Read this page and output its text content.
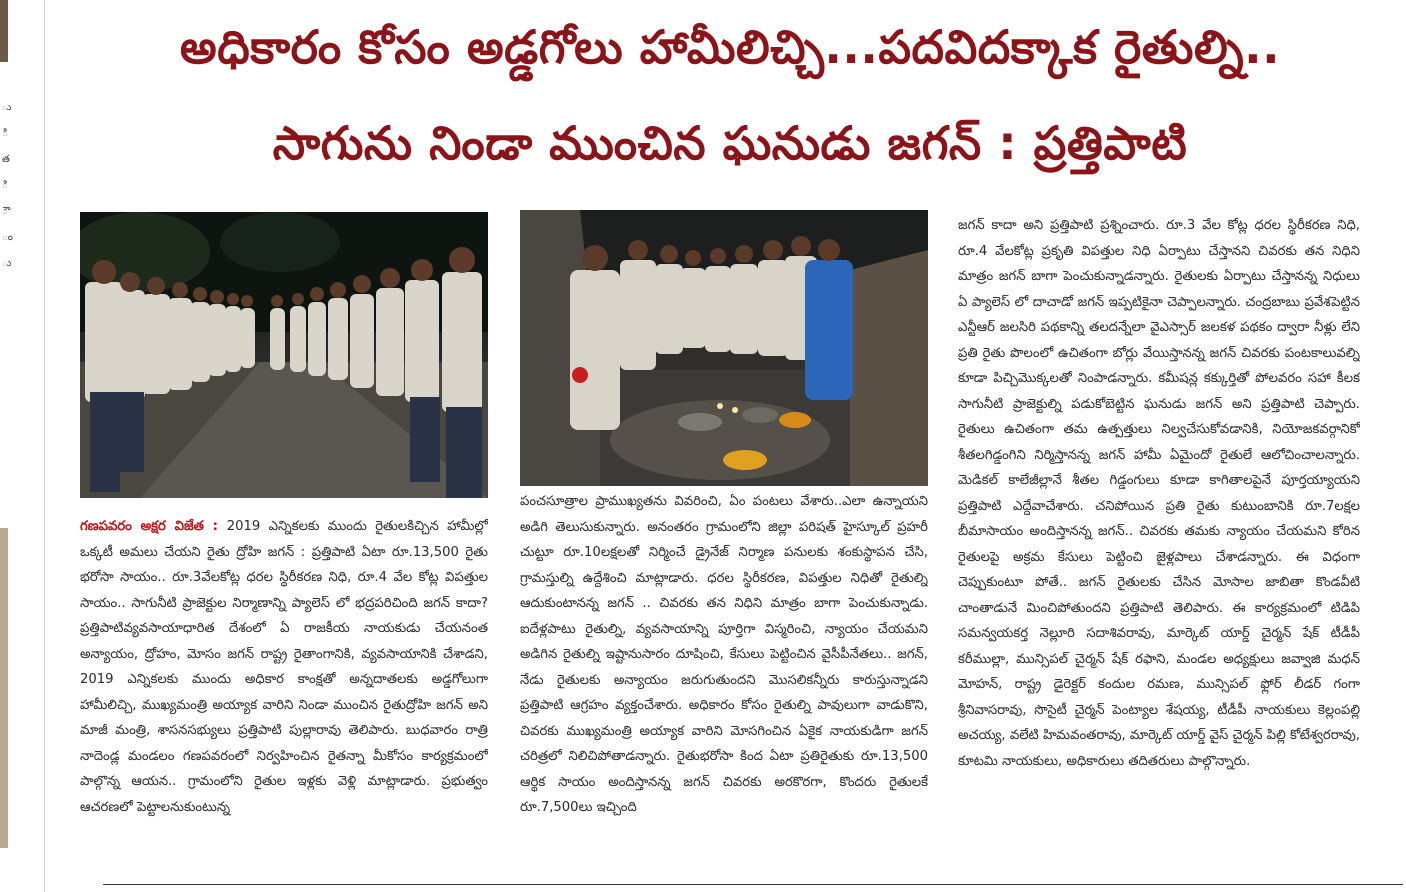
ు
ి
త
ి
ౌ
ం
ు
అధికారం కోసం అడ్డగోలు హామీలిచ్చి...పదవిదక్కాక రైతుల్ని..
సాగును నిండా ముంచిన ఘనుడు జగన్ : ప్రత్తిపాటి
గణపవరం అక్షర విజేత : 2019 ఎన్నికలకు ముందు రైతులకిచ్చిన హామీల్లో ఒక్కటీ అమలు చేయని రైతు ద్రోహి జగన్ : ప్రత్తిపాటి ఏటా రూ.13,500 రైతు భరోసా సాయం.. రూ.3వేలకోట్ల ధరల స్థిరీకరణ నిధి, రూ.4 వేల కోట్ల విపత్తుల సాయం.. సాగునీటి ప్రాజెక్టుల నిర్మాణాన్ని ప్యాలెస్ లో భద్రపరిచింది జగన్ కాదా? ప్రత్తిపాటివ్యవసాయాధారిత దేశంలో ఏ రాజకీయ నాయకుడు చేయనంత అన్యాయం, ద్రోహం, మోసం జగన్ రాష్ట్ర రైతాంగానికి, వ్యవసాయానికి చేశాడని, 2019 ఎన్నికలకు ముందు అధికార కాంక్షతో అన్నదాతలకు అడ్డగోలుగా హామీలిచ్చి, ముఖ్యమంత్రి అయ్యాక వారిని నిండా ముంచిన రైతుద్రోహి జగన్ అని మాజీ మంత్రి, శాసనసభ్యులు ప్రత్తిపాటి పుల్లారావు తెలిపారు. బుధవారం రాత్రి నాదెండ్ల మండలం గణపవరంలో నిర్వహించిన రైతన్నా మీకోసం కార్యక్రమంలో పాల్గొన్న ఆయన.. గ్రామంలోని రైతుల ఇళ్లకు వెళ్లి మాట్లాడారు. ప్రభుత్వం ఆచరణలో పెట్టాలనుకుంటున్న
పంచసూత్రాల ప్రాముఖ్యతను వివరించి, ఏం పంటలు వేశారు..ఎలా ఉన్నాయని అడిగి తెలుసుకున్నారు. అనంతరం గ్రామంలోని జిల్లా పరిషత్ హైస్కూల్ ప్రహరీ చుట్టూ రూ.10లక్షలతో నిర్మించే డ్రైనేజ్ నిర్మాణ పనులకు శంకుస్థాపన చేసి, గ్రామస్తుల్ని ఉద్దేశించి మాట్లాడారు. ధరల స్థిరీకరణ, విపత్తుల నిధితో రైతుల్ని ఆదుకుంటానన్న జగన్ .. చివరకు తన నిధిని మాత్రం బాగా పెంచుకున్నాడు. ఐదేళ్లపాటు రైతుల్ని, వ్యవసాయాన్ని పూర్తిగా విస్మరించి, న్యాయం చేయమని అడిగిన రైతుల్ని ఇష్టానుసారం దూషించి, కేసులు పెట్టించిన వైసీపీనేతలు.. జగన్, నేడు రైతులకు అన్యాయం జరుగుతుందని మొసలికన్నీరు కారుస్తున్నాడని ప్రత్తిపాటి ఆగ్రహం వ్యక్తంచేశారు. అధికారం కోసం రైతుల్ని పావులుగా వాడుకొని, చివరకు ముఖ్యమంత్రి అయ్యాక వారిని మోసగించిన ఏకైక నాయకుడిగా జగన్ చరిత్రలో నిలిచిపోతాడన్నారు. రైతుభరోసా కింద ఏటా ప్రతిరైతుకు రూ.13,500 ఆర్థిక సాయం అందిస్తానన్న జగన్ చివరకు అరకొరగా, కొందరు రైతులకే రూ.7,500లు ఇచ్చింది
జగన్ కాదా అని ప్రత్తిపాటి ప్రశ్నించారు. రూ.3 వేల కోట్ల ధరల స్థిరీకరణ నిధి, రూ.4 వేలకోట్ల ప్రకృతి విపత్తుల నిధి ఏర్పాటు చేస్తానని చివరకు తన నిధిని మాత్రం జగన్ బాగా పెంచుకున్నాడన్నారు. రైతులకు ఏర్పాటు చేస్తానన్న నిధులు ఏ ప్యాలెస్ లో దాచాడో జగన్ ఇప్పటికైనా చెప్పాలన్నారు. చంద్రబాబు ప్రవేశపెట్టిన ఎన్టీఆర్ జలసిరి పథకాన్ని తలదన్నేలా వైఎస్సార్ జలకళ పథకం ద్వారా నీళ్లు లేని ప్రతి రైతు పొలంలో ఉచితంగా బోర్లు వేయిస్తానన్న జగన్ చివరకు పంటకాలువల్ని కూడా పిచ్చిమొక్కలతో నింపాడన్నారు. కమీషన్ల కక్కుర్తితో పోలవరం సహా కీలక సాగునీటి ప్రాజెక్టుల్ని పడుకోబెట్టిన ఘనుడు జగన్ అని ప్రత్తిపాటి చెప్పారు. రైతులు ఉచితంగా తమ ఉత్పత్తులు నిల్వచేసుకోవడానికి, నియోజకవర్గానికో శీతలగిడ్డంగిని నిర్మిస్తానన్న జగన్ హామీ ఏమైందో రైతులే ఆలోచించాలన్నారు. మెడికల్ కాలేజీల్లానే శీతల గిడ్డంగులు కూడా కాగితాలపైనే పూర్తయ్యాయని ప్రత్తిపాటి ఎద్దేవాచేశారు. చనిపోయిన ప్రతి రైతు కుటుంబానికి రూ.7లక్షల బీమాసాయం అందిస్తానన్న జగన్.. చివరకు తమకు న్యాయం చేయమని కోరిన రైతులపై అక్రమ కేసులు పెట్టించి జైళ్లపాలు చేశాడన్నారు. ఈ విధంగా చెప్పుకుంటూ పోతే.. జగన్ రైతులకు చేసిన మోసాల జాబితా కొండవీటి చాంతాడునే మించిపోతుందని ప్రత్తిపాటి తెలిపారు. ఈ కార్యక్రమంలో టిడిపి సమన్వయకర్త నెల్లూరి సదాశివరావు, మార్కెట్ యార్డ్ చైర్మన్ షేక్ టీడీపీ కరీముల్లా, మున్సిపల్ చైర్మన్ షేక్ రఫాని, మండల అధ్యక్షులు జవ్వాజి మధన్ మోహన్, రాష్ట్ర డైరెక్టర్ కందుల రమణ, మున్సిపల్ ఫ్లోర్ లీడర్ గంగా శ్రీనివాసరావు, సొసైటీ చైర్మన్ పెంట్యాల శేషయ్య, టీడీపీ నాయకులు కెల్లంపల్లి అచయ్య, వలేటి హిమవంతరావు, మార్కెట్ యార్డ్ వైస్ చైర్మన్ పిల్లి కోటేశ్వరరావు, కూటమి నాయకులు, అధికారులు తదితరులు పాల్గొన్నారు.
